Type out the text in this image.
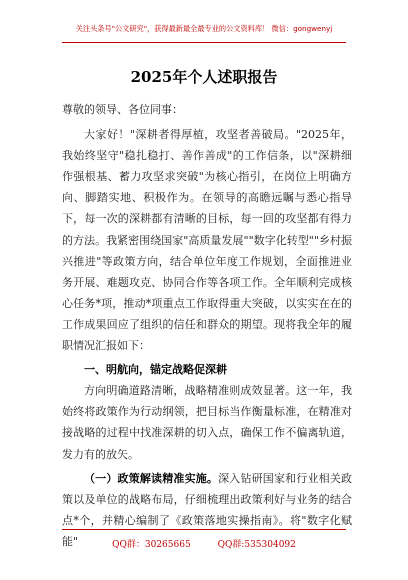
关注头条号"公文研究"，获得最新最全最专业的公文资料库！ 微信：gongwenyj
2025年个人述职报告

尊敬的领导、各位同事：

大家好！"深耕者得厚植，攻坚者善破局。"2025年，我始终坚守"稳扎稳打、善作善成"的工作信条，以"深耕细作强根基、蓄力攻坚求突破"为核心指引，在岗位上明确方向、脚踏实地、积极作为。在领导的高瞻远瞩与悉心指导下，每一次的深耕都有清晰的目标，每一回的攻坚都有得力的方法。我紧密围绕国家"高质量发展""数字化转型""乡村振兴推进"等政策方向，结合单位年度工作规划，全面推进业务开展、难题攻克、协同合作等各项工作。全年顺利完成核心任务*项，推动*项重点工作取得重大突破，以实实在在的工作成果回应了组织的信任和群众的期望。现将我全年的履职情况汇报如下：

一、明航向，锚定战略促深耕

方向明确道路清晰，战略精准则成效显著。这一年，我始终将政策作为行动纲领，把目标当作衡量标准，在精准对接战略的过程中找准深耕的切入点，确保工作不偏离轨道，发力有的放矢。

（一）政策解读精准实施。深入钻研国家和行业相关政策以及单位的战略布局，仔细梳理出政策利好与业务的结合点*个，并精心编制了《政策落地实操指南》。将"数字化赋能"	QQ群：30265665	QQ群:535304092
